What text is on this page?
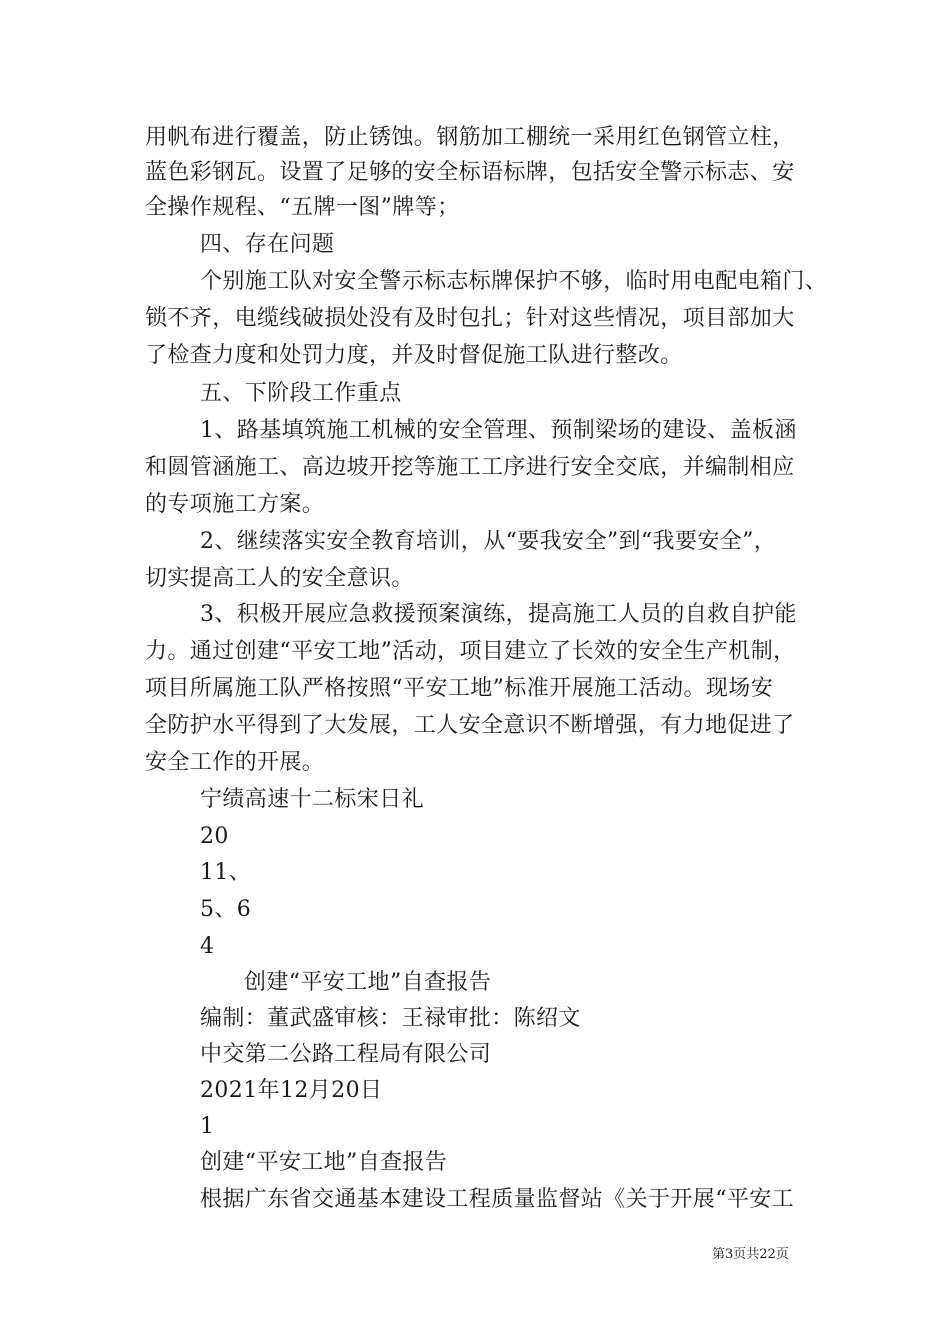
用帆布进行覆盖，防止锈蚀。钢筋加工棚统一采用红色钢管立柱，
蓝色彩钢瓦。设置了足够的安全标语标牌，包括安全警示标志、安
全操作规程、“五牌一图”牌等；
四、存在问题
个别施工队对安全警示标志标牌保护不够，临时用电配电箱门、
锁不齐，电缆线破损处没有及时包扎；针对这些情况，项目部加大
了检查力度和处罚力度，并及时督促施工队进行整改。
五、下阶段工作重点
1、路基填筑施工机械的安全管理、预制梁场的建设、盖板涵
和圆管涵施工、高边坡开挖等施工工序进行安全交底，并编制相应
的专项施工方案。
2、继续落实安全教育培训，从“要我安全”到“我要安全”，
切实提高工人的安全意识。
3、积极开展应急救援预案演练，提高施工人员的自救自护能
力。通过创建“平安工地”活动，项目建立了长效的安全生产机制，
项目所属施工队严格按照“平安工地”标准开展施工活动。现场安
全防护水平得到了大发展，工人安全意识不断增强，有力地促进了
安全工作的开展。
宁绩高速十二标宋日礼
20
11、
5、6
4
创建“平安工地”自查报告
编制：董武盛审核：王禄审批：陈绍文
中交第二公路工程局有限公司
2021年12月20日
1
创建“平安工地”自查报告
根据广东省交通基本建设工程质量监督站《关于开展“平安工
第3页共22页
